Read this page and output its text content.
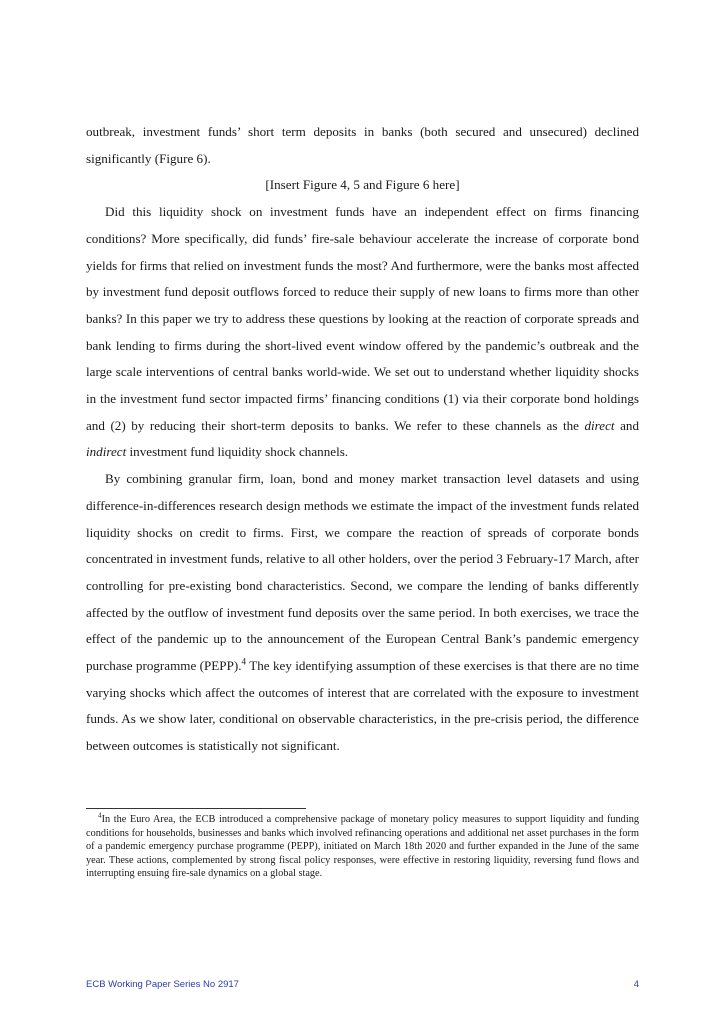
outbreak, investment funds’ short term deposits in banks (both secured and unsecured) declined significantly (Figure 6).

[Insert Figure 4, 5 and Figure 6 here]

Did this liquidity shock on investment funds have an independent effect on firms financing conditions? More specifically, did funds’ fire-sale behaviour accelerate the increase of corporate bond yields for firms that relied on investment funds the most? And furthermore, were the banks most affected by investment fund deposit outflows forced to reduce their supply of new loans to firms more than other banks? In this paper we try to address these questions by looking at the reaction of corporate spreads and bank lending to firms during the short-lived event window offered by the pandemic’s outbreak and the large scale interventions of central banks world-wide. We set out to understand whether liquidity shocks in the investment fund sector impacted firms’ financing conditions (1) via their corporate bond holdings and (2) by reducing their short-term deposits to banks. We refer to these channels as the direct and indirect investment fund liquidity shock channels.

By combining granular firm, loan, bond and money market transaction level datasets and using difference-in-differences research design methods we estimate the impact of the investment funds related liquidity shocks on credit to firms. First, we compare the reaction of spreads of corporate bonds concentrated in investment funds, relative to all other holders, over the period 3 February-17 March, after controlling for pre-existing bond characteristics. Second, we compare the lending of banks differently affected by the outflow of investment fund deposits over the same period. In both exercises, we trace the effect of the pandemic up to the announcement of the European Central Bank’s pandemic emergency purchase programme (PEPP).$^4$ The key identifying assumption of these exercises is that there are no time varying shocks which affect the outcomes of interest that are correlated with the exposure to investment funds. As we show later, conditional on observable characteristics, in the pre-crisis period, the difference between outcomes is statistically not significant.

$^4$In the Euro Area, the ECB introduced a comprehensive package of monetary policy measures to support liquidity and funding conditions for households, businesses and banks which involved refinancing operations and additional net asset purchases in the form of a pandemic emergency purchase programme (PEPP), initiated on March 18th 2020 and further expanded in the June of the same year. These actions, complemented by strong fiscal policy responses, were effective in restoring liquidity, reversing fund flows and interrupting ensuing fire-sale dynamics on a global stage.

ECB Working Paper Series No 2917	4
